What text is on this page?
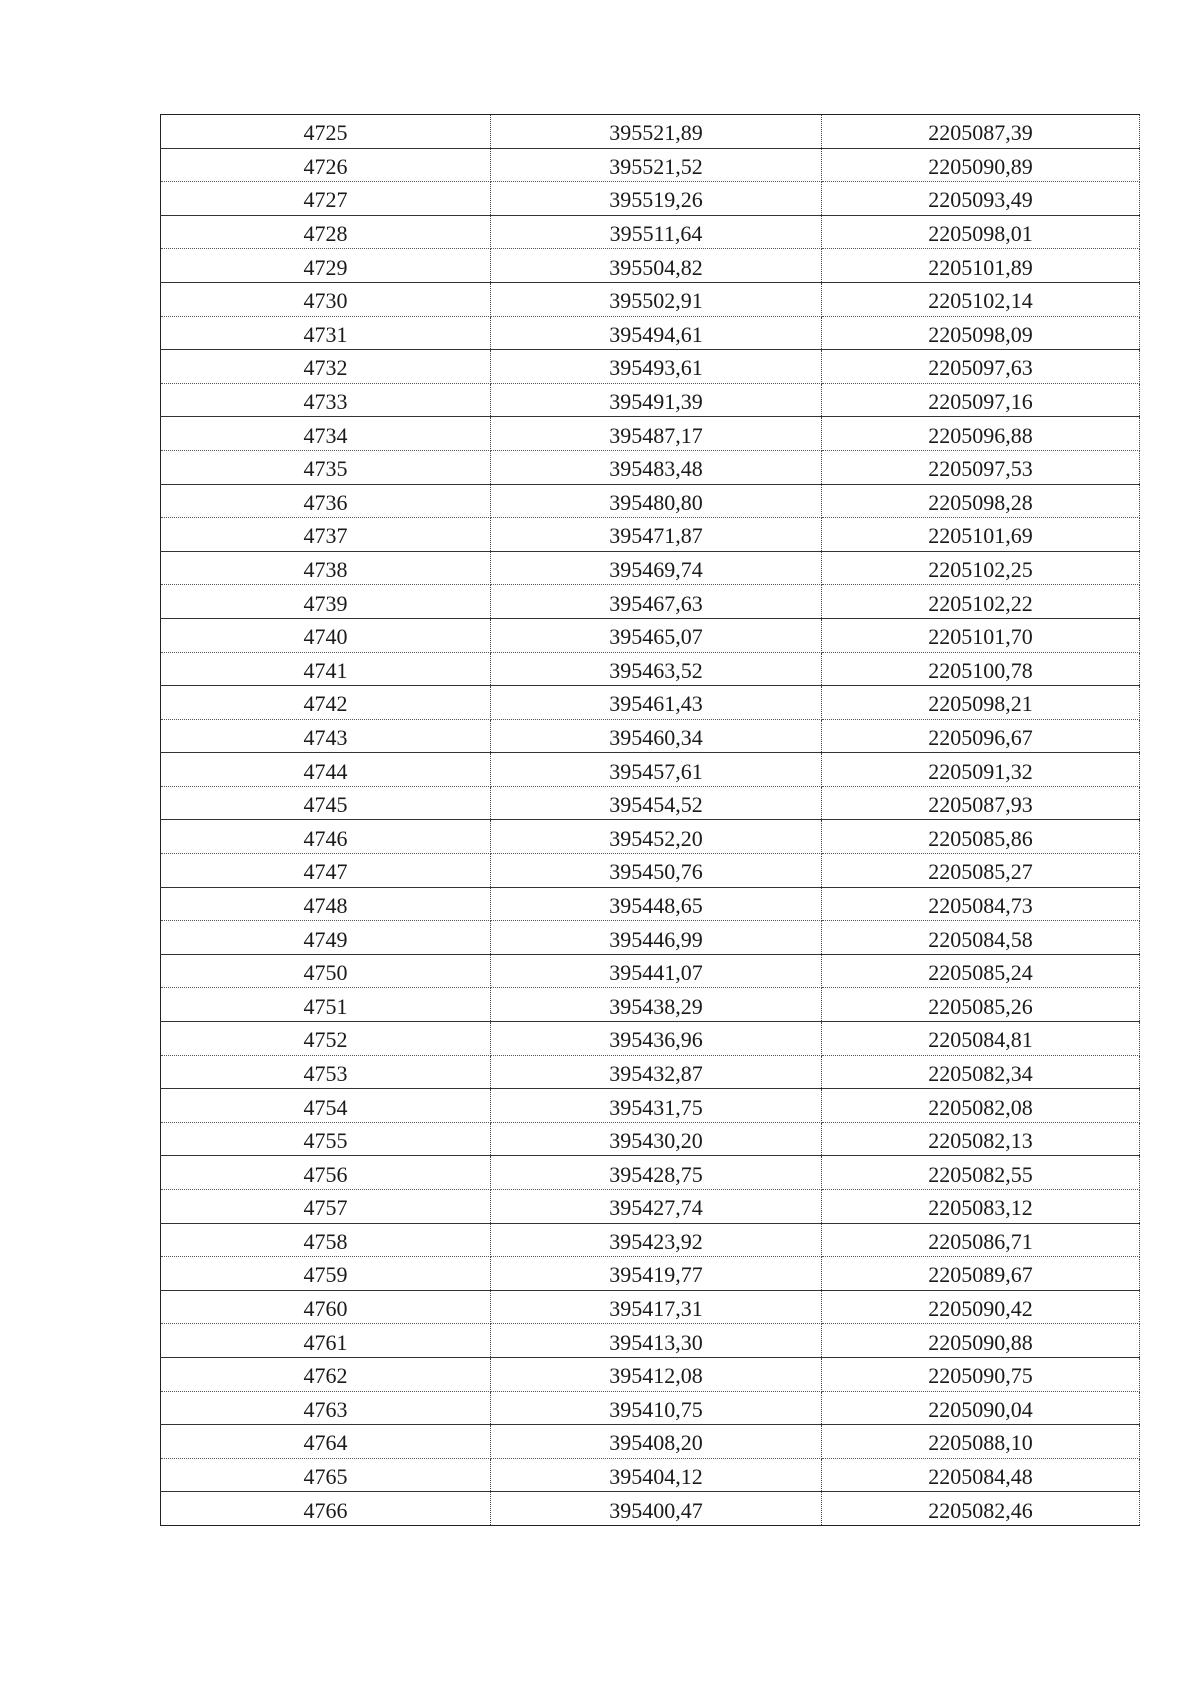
4725	395521,89	2205087,39
4726	395521,52	2205090,89
4727	395519,26	2205093,49
4728	395511,64	2205098,01
4729	395504,82	2205101,89
4730	395502,91	2205102,14
4731	395494,61	2205098,09
4732	395493,61	2205097,63
4733	395491,39	2205097,16
4734	395487,17	2205096,88
4735	395483,48	2205097,53
4736	395480,80	2205098,28
4737	395471,87	2205101,69
4738	395469,74	2205102,25
4739	395467,63	2205102,22
4740	395465,07	2205101,70
4741	395463,52	2205100,78
4742	395461,43	2205098,21
4743	395460,34	2205096,67
4744	395457,61	2205091,32
4745	395454,52	2205087,93
4746	395452,20	2205085,86
4747	395450,76	2205085,27
4748	395448,65	2205084,73
4749	395446,99	2205084,58
4750	395441,07	2205085,24
4751	395438,29	2205085,26
4752	395436,96	2205084,81
4753	395432,87	2205082,34
4754	395431,75	2205082,08
4755	395430,20	2205082,13
4756	395428,75	2205082,55
4757	395427,74	2205083,12
4758	395423,92	2205086,71
4759	395419,77	2205089,67
4760	395417,31	2205090,42
4761	395413,30	2205090,88
4762	395412,08	2205090,75
4763	395410,75	2205090,04
4764	395408,20	2205088,10
4765	395404,12	2205084,48
4766	395400,47	2205082,46
